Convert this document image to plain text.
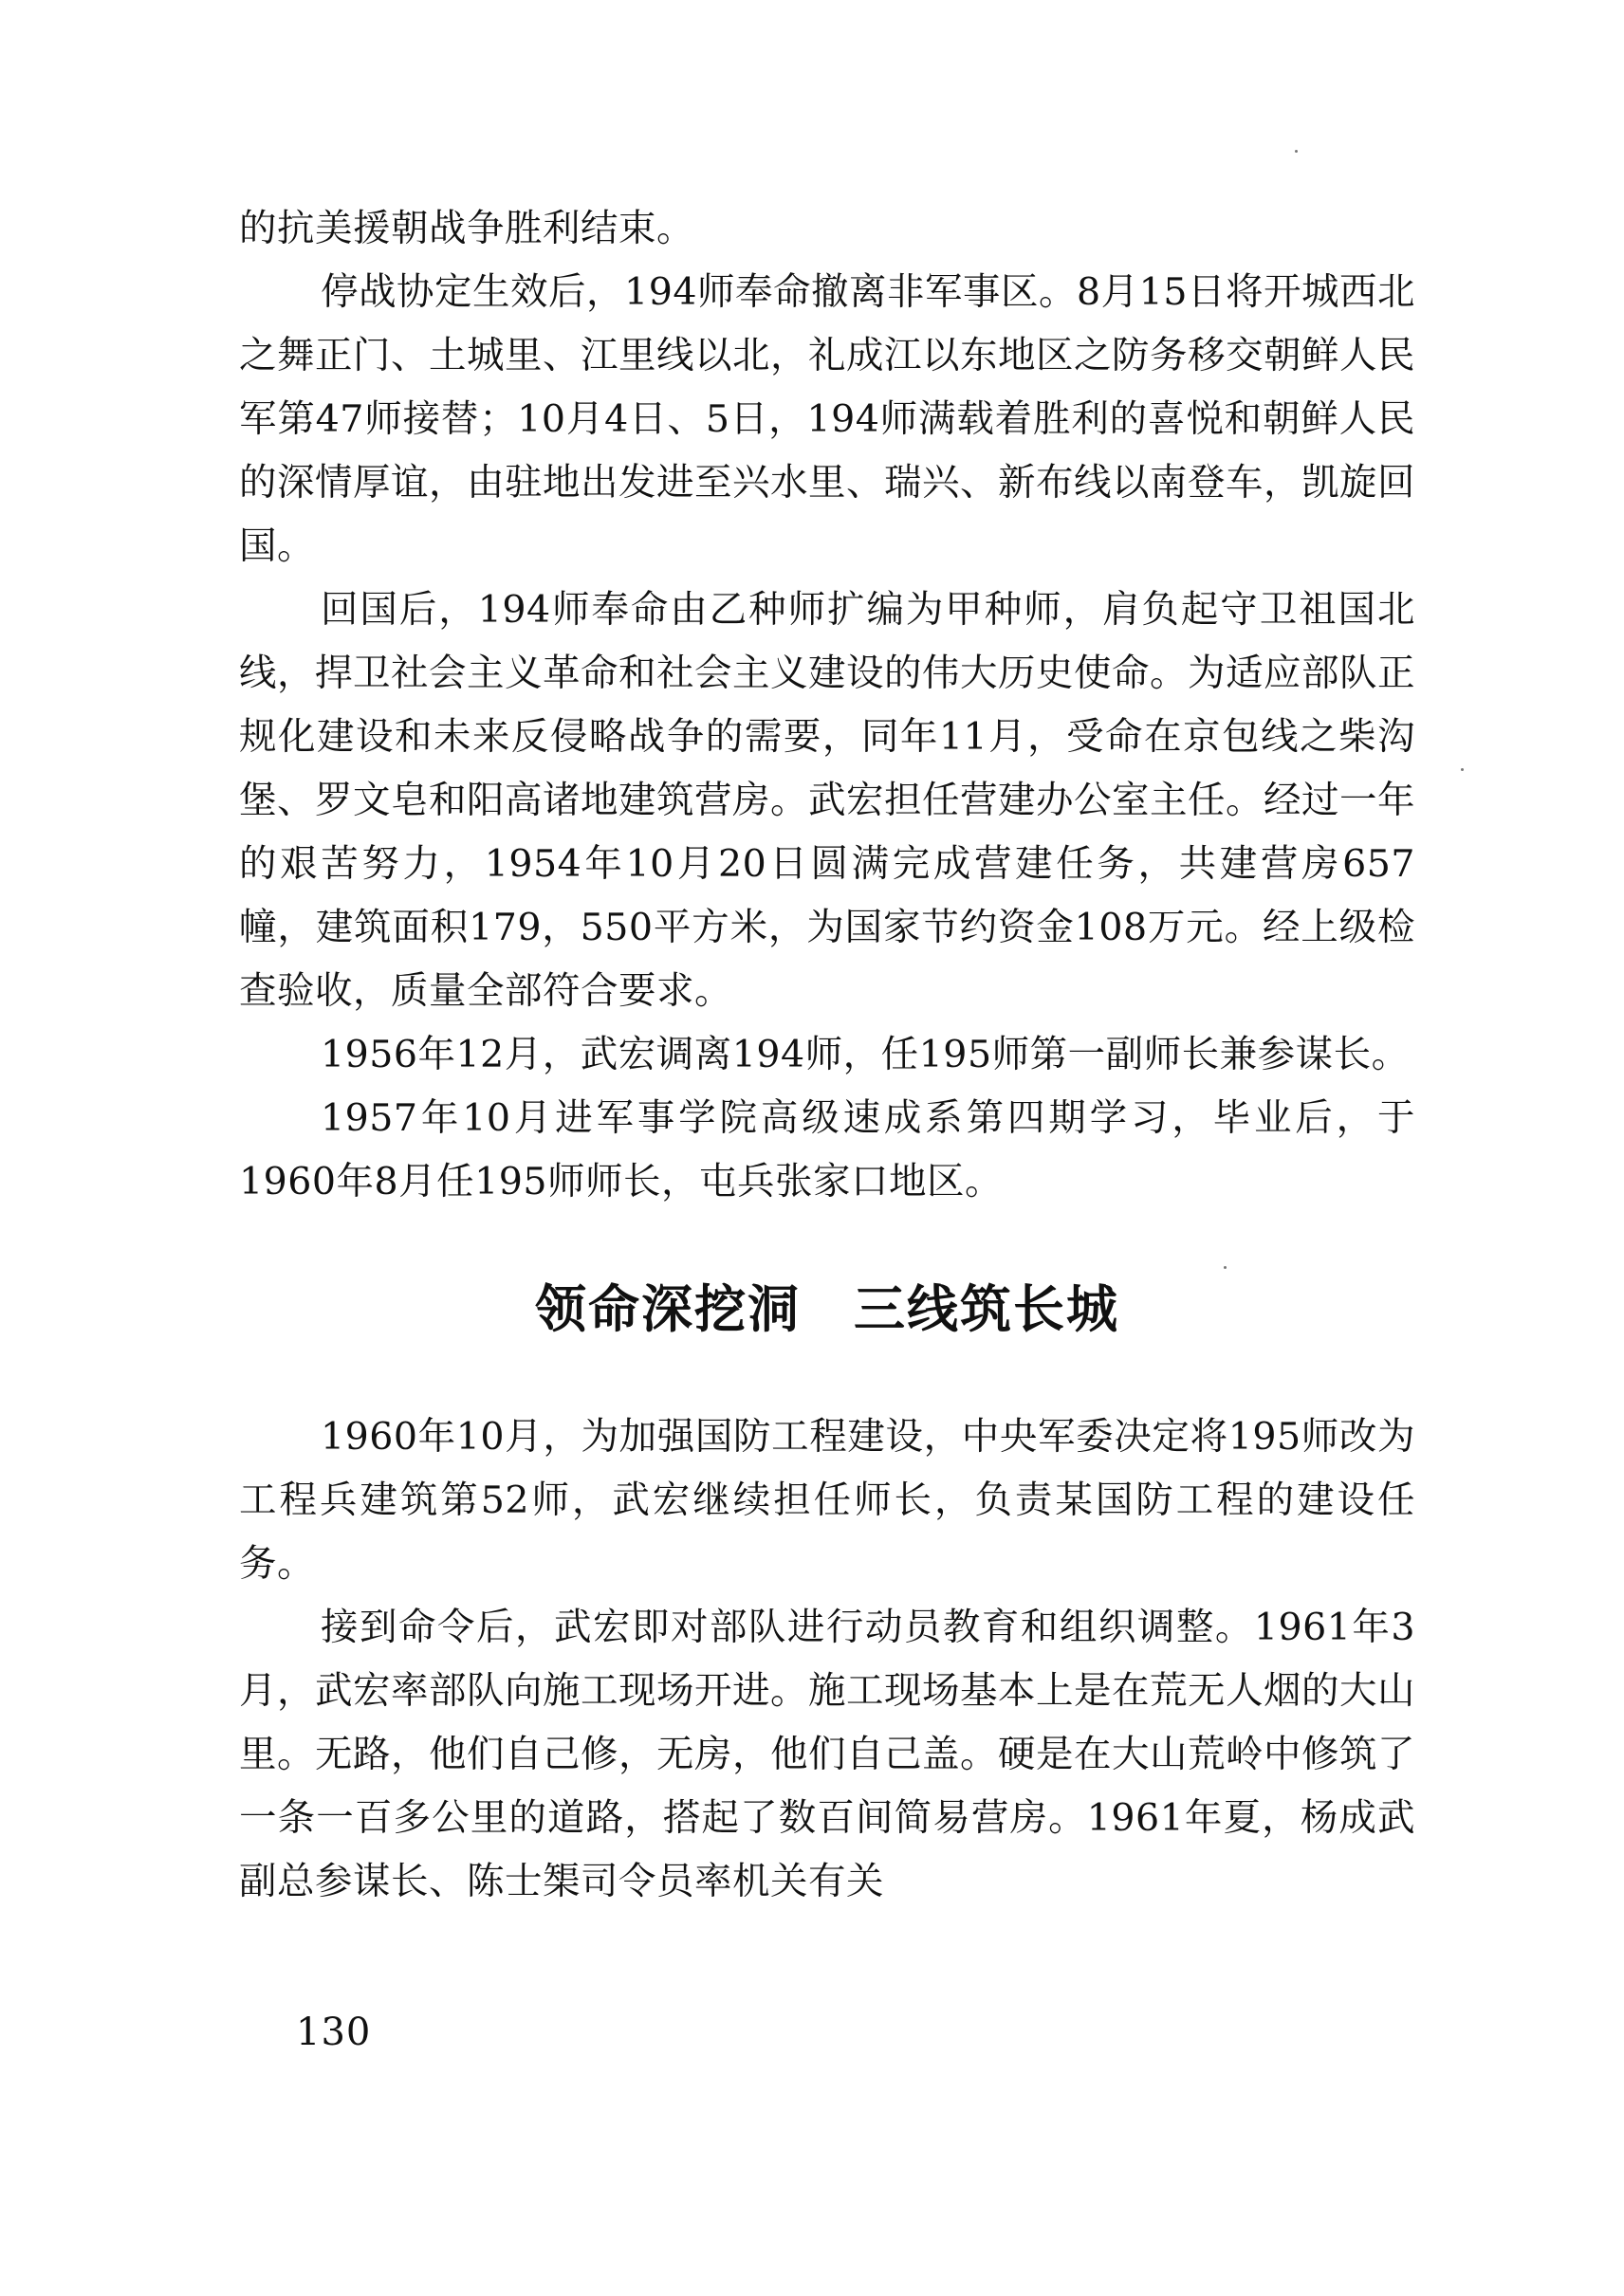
的抗美援朝战争胜利结束。

停战协定生效后，194师奉命撤离非军事区。8月15日将开城西北之舞正门、土城里、江里线以北，礼成江以东地区之防务移交朝鲜人民军第47师接替；10月4日、5日，194师满载着胜利的喜悦和朝鲜人民的深情厚谊，由驻地出发进至兴水里、瑞兴、新布线以南登车，凯旋回国。

回国后，194师奉命由乙种师扩编为甲种师，肩负起守卫祖国北线，捍卫社会主义革命和社会主义建设的伟大历史使命。为适应部队正规化建设和未来反侵略战争的需要，同年11月，受命在京包线之柴沟堡、罗文皂和阳高诸地建筑营房。武宏担任营建办公室主任。经过一年的艰苦努力，1954年10月20日圆满完成营建任务，共建营房657幢，建筑面积179，550平方米，为国家节约资金108万元。经上级检查验收，质量全部符合要求。

1956年12月，武宏调离194师，任195师第一副师长兼参谋长。

1957年10月进军事学院高级速成系第四期学习，毕业后，于1960年8月任195师师长，屯兵张家口地区。

领命深挖洞　三线筑长城

1960年10月，为加强国防工程建设，中央军委决定将195师改为工程兵建筑第52师，武宏继续担任师长，负责某国防工程的建设任务。

接到命令后，武宏即对部队进行动员教育和组织调整。1961年3月，武宏率部队向施工现场开进。施工现场基本上是在荒无人烟的大山里。无路，他们自己修，无房，他们自己盖。硬是在大山荒岭中修筑了一条一百多公里的道路，搭起了数百间简易营房。1961年夏，杨成武副总参谋长、陈士榘司令员率机关有关

130
